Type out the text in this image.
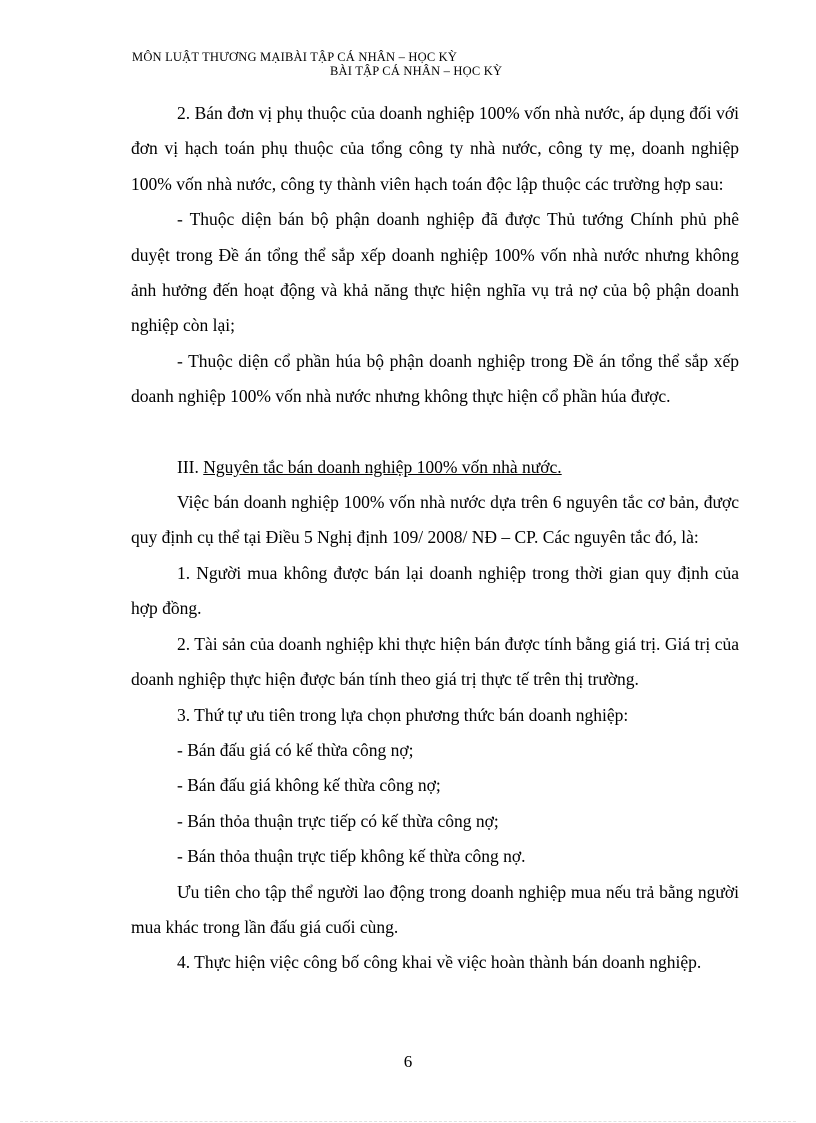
MÔN LUẬT THƯƠNG MẠIBÀI TẬP CÁ NHÂN – HỌC KỲ
BÀI TẬP CÁ NHÂN – HỌC KỲ

2. Bán đơn vị phụ thuộc của doanh nghiệp 100% vốn nhà nước, áp dụng đối với đơn vị hạch toán phụ thuộc của tổng công ty nhà nước, công ty mẹ, doanh nghiệp 100% vốn nhà nước, công ty thành viên hạch toán độc lập thuộc các trường hợp sau:

- Thuộc diện bán bộ phận doanh nghiệp đã được Thủ tướng Chính phủ phê duyệt trong Đề án tổng thể sắp xếp doanh nghiệp 100% vốn nhà nước nhưng không ảnh hưởng đến hoạt động và khả năng thực hiện nghĩa vụ trả nợ của bộ phận doanh nghiệp còn lại;

- Thuộc diện cổ phần húa bộ phận doanh nghiệp trong Đề án tổng thể sắp xếp doanh nghiệp 100% vốn nhà nước nhưng không thực hiện cổ phần húa được.

III. Nguyên tắc bán doanh nghiệp 100% vốn nhà nước.

Việc bán doanh nghiệp 100% vốn nhà nước dựa trên 6 nguyên tắc cơ bản, được quy định cụ thể tại Điều 5 Nghị định 109/ 2008/ NĐ – CP. Các nguyên tắc đó, là:

1. Người mua không được bán lại doanh nghiệp trong thời gian quy định của hợp đồng.

2. Tài sản của doanh nghiệp khi thực hiện bán được tính bằng giá trị. Giá trị của doanh nghiệp thực hiện được bán tính theo giá trị thực tế trên thị trường.

3. Thứ tự ưu tiên trong lựa chọn phương thức bán doanh nghiệp:

- Bán đấu giá có kế thừa công nợ;

- Bán đấu giá không kế thừa công nợ;

- Bán thỏa thuận trực tiếp có kế thừa công nợ;

- Bán thỏa thuận trực tiếp không kế thừa công nợ.

Ưu tiên cho tập thể người lao động trong doanh nghiệp mua nếu trả bằng người mua khác trong lần đấu giá cuối cùng.

4. Thực hiện việc công bố công khai về việc hoàn thành bán doanh nghiệp.

6
